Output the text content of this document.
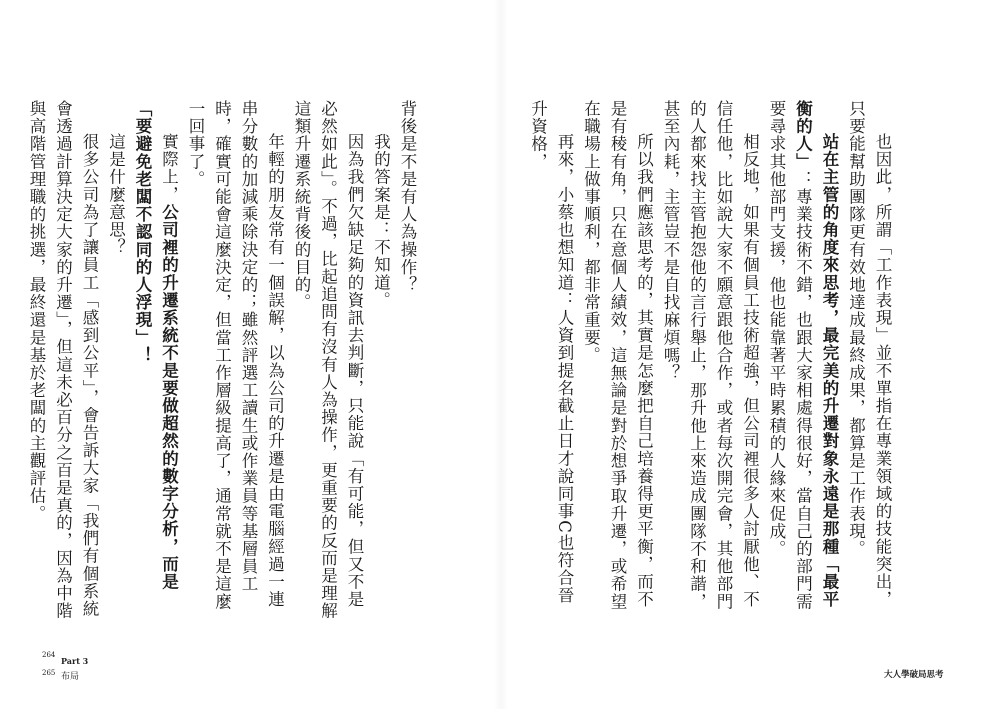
也因此，所謂「工作表現」並不單指在專業領域的技能突出，只要能幫助團隊更有效地達成最終成果，都算是工作表現。

站在主管的角度來思考，最完美的升遷對象永遠是那種「最平衡的人」：專業技術不錯，也跟大家相處得很好，當自己的部門需要尋求其他部門支援，他也能靠著平時累積的人緣來促成。

相反地，如果有個員工技術超強，但公司裡很多人討厭他、不信任他，比如說大家不願意跟他合作，或者每次開完會，其他部門的人都來找主管抱怨他的言行舉止，那升他上來造成團隊不和諧，甚至內耗，主管豈不是自找麻煩嗎？

所以我們應該思考的，其實是怎麼把自己培養得更平衡，而不是有稜有角，只在意個人績效，這無論是對於想爭取升遷，或希望在職場上做事順利，都非常重要。

再來，小蔡也想知道：人資到提名截止日才說同事C也符合晉升資格，

背後是不是有人為操作？

我的答案是：不知道。

因為我們欠缺足夠的資訊去判斷，只能說「有可能，但又不是必然如此」。不過，比起追問有沒有人為操作，更重要的反而是理解這類升遷系統背後的目的。

年輕的朋友常有一個誤解，以為公司的升遷是由電腦經過一連串分數的加減乘除決定的；雖然評選工讀生或作業員等基層員工時，確實可能會這麼決定，但當工作層級提高了，通常就不是這麼一回事了。

實際上，公司裡的升遷系統不是要做超然的數字分析，而是「要避免老闆不認同的人浮現」！

這是什麼意思？

很多公司為了讓員工「感到公平」，會告訴大家「我們有個系統會透過計算決定大家的升遷」，但這未必百分之百是真的，因為中階與高階管理職的挑選，最終還是基於老闆的主觀評估。

264
Part 3
265 布局	大人學破局思考
